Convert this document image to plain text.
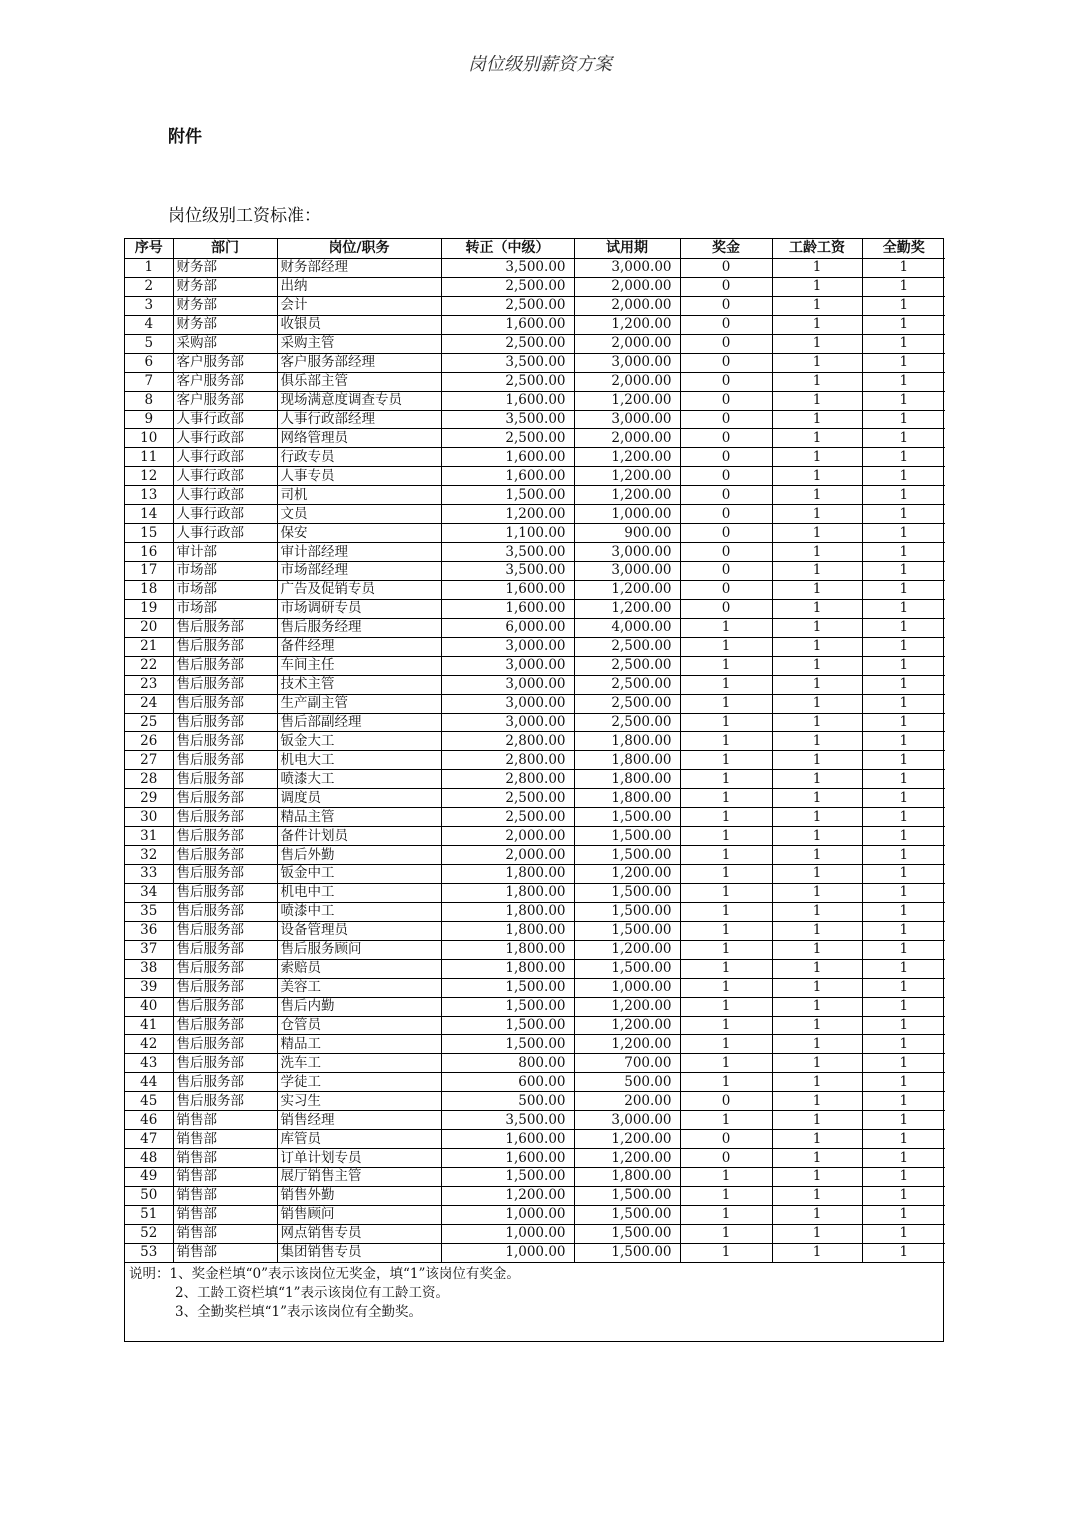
岗位级别薪资方案
附件
岗位级别工资标准：
序号	部门	岗位/职务	转正（中级）	试用期	奖金	工龄工资	全勤奖
1	财务部	财务部经理	3,500.00	3,000.00	0	1	1
2	财务部	出纳	2,500.00	2,000.00	0	1	1
3	财务部	会计	2,500.00	2,000.00	0	1	1
4	财务部	收银员	1,600.00	1,200.00	0	1	1
5	采购部	采购主管	2,500.00	2,000.00	0	1	1
6	客户服务部	客户服务部经理	3,500.00	3,000.00	0	1	1
7	客户服务部	俱乐部主管	2,500.00	2,000.00	0	1	1
8	客户服务部	现场满意度调查专员	1,600.00	1,200.00	0	1	1
9	人事行政部	人事行政部经理	3,500.00	3,000.00	0	1	1
10	人事行政部	网络管理员	2,500.00	2,000.00	0	1	1
11	人事行政部	行政专员	1,600.00	1,200.00	0	1	1
12	人事行政部	人事专员	1,600.00	1,200.00	0	1	1
13	人事行政部	司机	1,500.00	1,200.00	0	1	1
14	人事行政部	文员	1,200.00	1,000.00	0	1	1
15	人事行政部	保安	1,100.00	900.00	0	1	1
16	审计部	审计部经理	3,500.00	3,000.00	0	1	1
17	市场部	市场部经理	3,500.00	3,000.00	0	1	1
18	市场部	广告及促销专员	1,600.00	1,200.00	0	1	1
19	市场部	市场调研专员	1,600.00	1,200.00	0	1	1
20	售后服务部	售后服务经理	6,000.00	4,000.00	1	1	1
21	售后服务部	备件经理	3,000.00	2,500.00	1	1	1
22	售后服务部	车间主任	3,000.00	2,500.00	1	1	1
23	售后服务部	技术主管	3,000.00	2,500.00	1	1	1
24	售后服务部	生产副主管	3,000.00	2,500.00	1	1	1
25	售后服务部	售后部副经理	3,000.00	2,500.00	1	1	1
26	售后服务部	钣金大工	2,800.00	1,800.00	1	1	1
27	售后服务部	机电大工	2,800.00	1,800.00	1	1	1
28	售后服务部	喷漆大工	2,800.00	1,800.00	1	1	1
29	售后服务部	调度员	2,500.00	1,800.00	1	1	1
30	售后服务部	精品主管	2,500.00	1,500.00	1	1	1
31	售后服务部	备件计划员	2,000.00	1,500.00	1	1	1
32	售后服务部	售后外勤	2,000.00	1,500.00	1	1	1
33	售后服务部	钣金中工	1,800.00	1,200.00	1	1	1
34	售后服务部	机电中工	1,800.00	1,500.00	1	1	1
35	售后服务部	喷漆中工	1,800.00	1,500.00	1	1	1
36	售后服务部	设备管理员	1,800.00	1,500.00	1	1	1
37	售后服务部	售后服务顾问	1,800.00	1,200.00	1	1	1
38	售后服务部	索赔员	1,800.00	1,500.00	1	1	1
39	售后服务部	美容工	1,500.00	1,000.00	1	1	1
40	售后服务部	售后内勤	1,500.00	1,200.00	1	1	1
41	售后服务部	仓管员	1,500.00	1,200.00	1	1	1
42	售后服务部	精品工	1,500.00	1,200.00	1	1	1
43	售后服务部	洗车工	800.00	700.00	1	1	1
44	售后服务部	学徒工	600.00	500.00	1	1	1
45	售后服务部	实习生	500.00	200.00	0	1	1
46	销售部	销售经理	3,500.00	3,000.00	1	1	1
47	销售部	库管员	1,600.00	1,200.00	0	1	1
48	销售部	订单计划专员	1,600.00	1,200.00	0	1	1
49	销售部	展厅销售主管	1,500.00	1,800.00	1	1	1
50	销售部	销售外勤	1,200.00	1,500.00	1	1	1
51	销售部	销售顾问	1,000.00	1,500.00	1	1	1
52	销售部	网点销售专员	1,000.00	1,500.00	1	1	1
53	销售部	集团销售专员	1,000.00	1,500.00	1	1	1
说明：1、奖金栏填“0”表示该岗位无奖金，填“1”该岗位有奖金。
2、工龄工资栏填“1”表示该岗位有工龄工资。
3、全勤奖栏填“1”表示该岗位有全勤奖。
